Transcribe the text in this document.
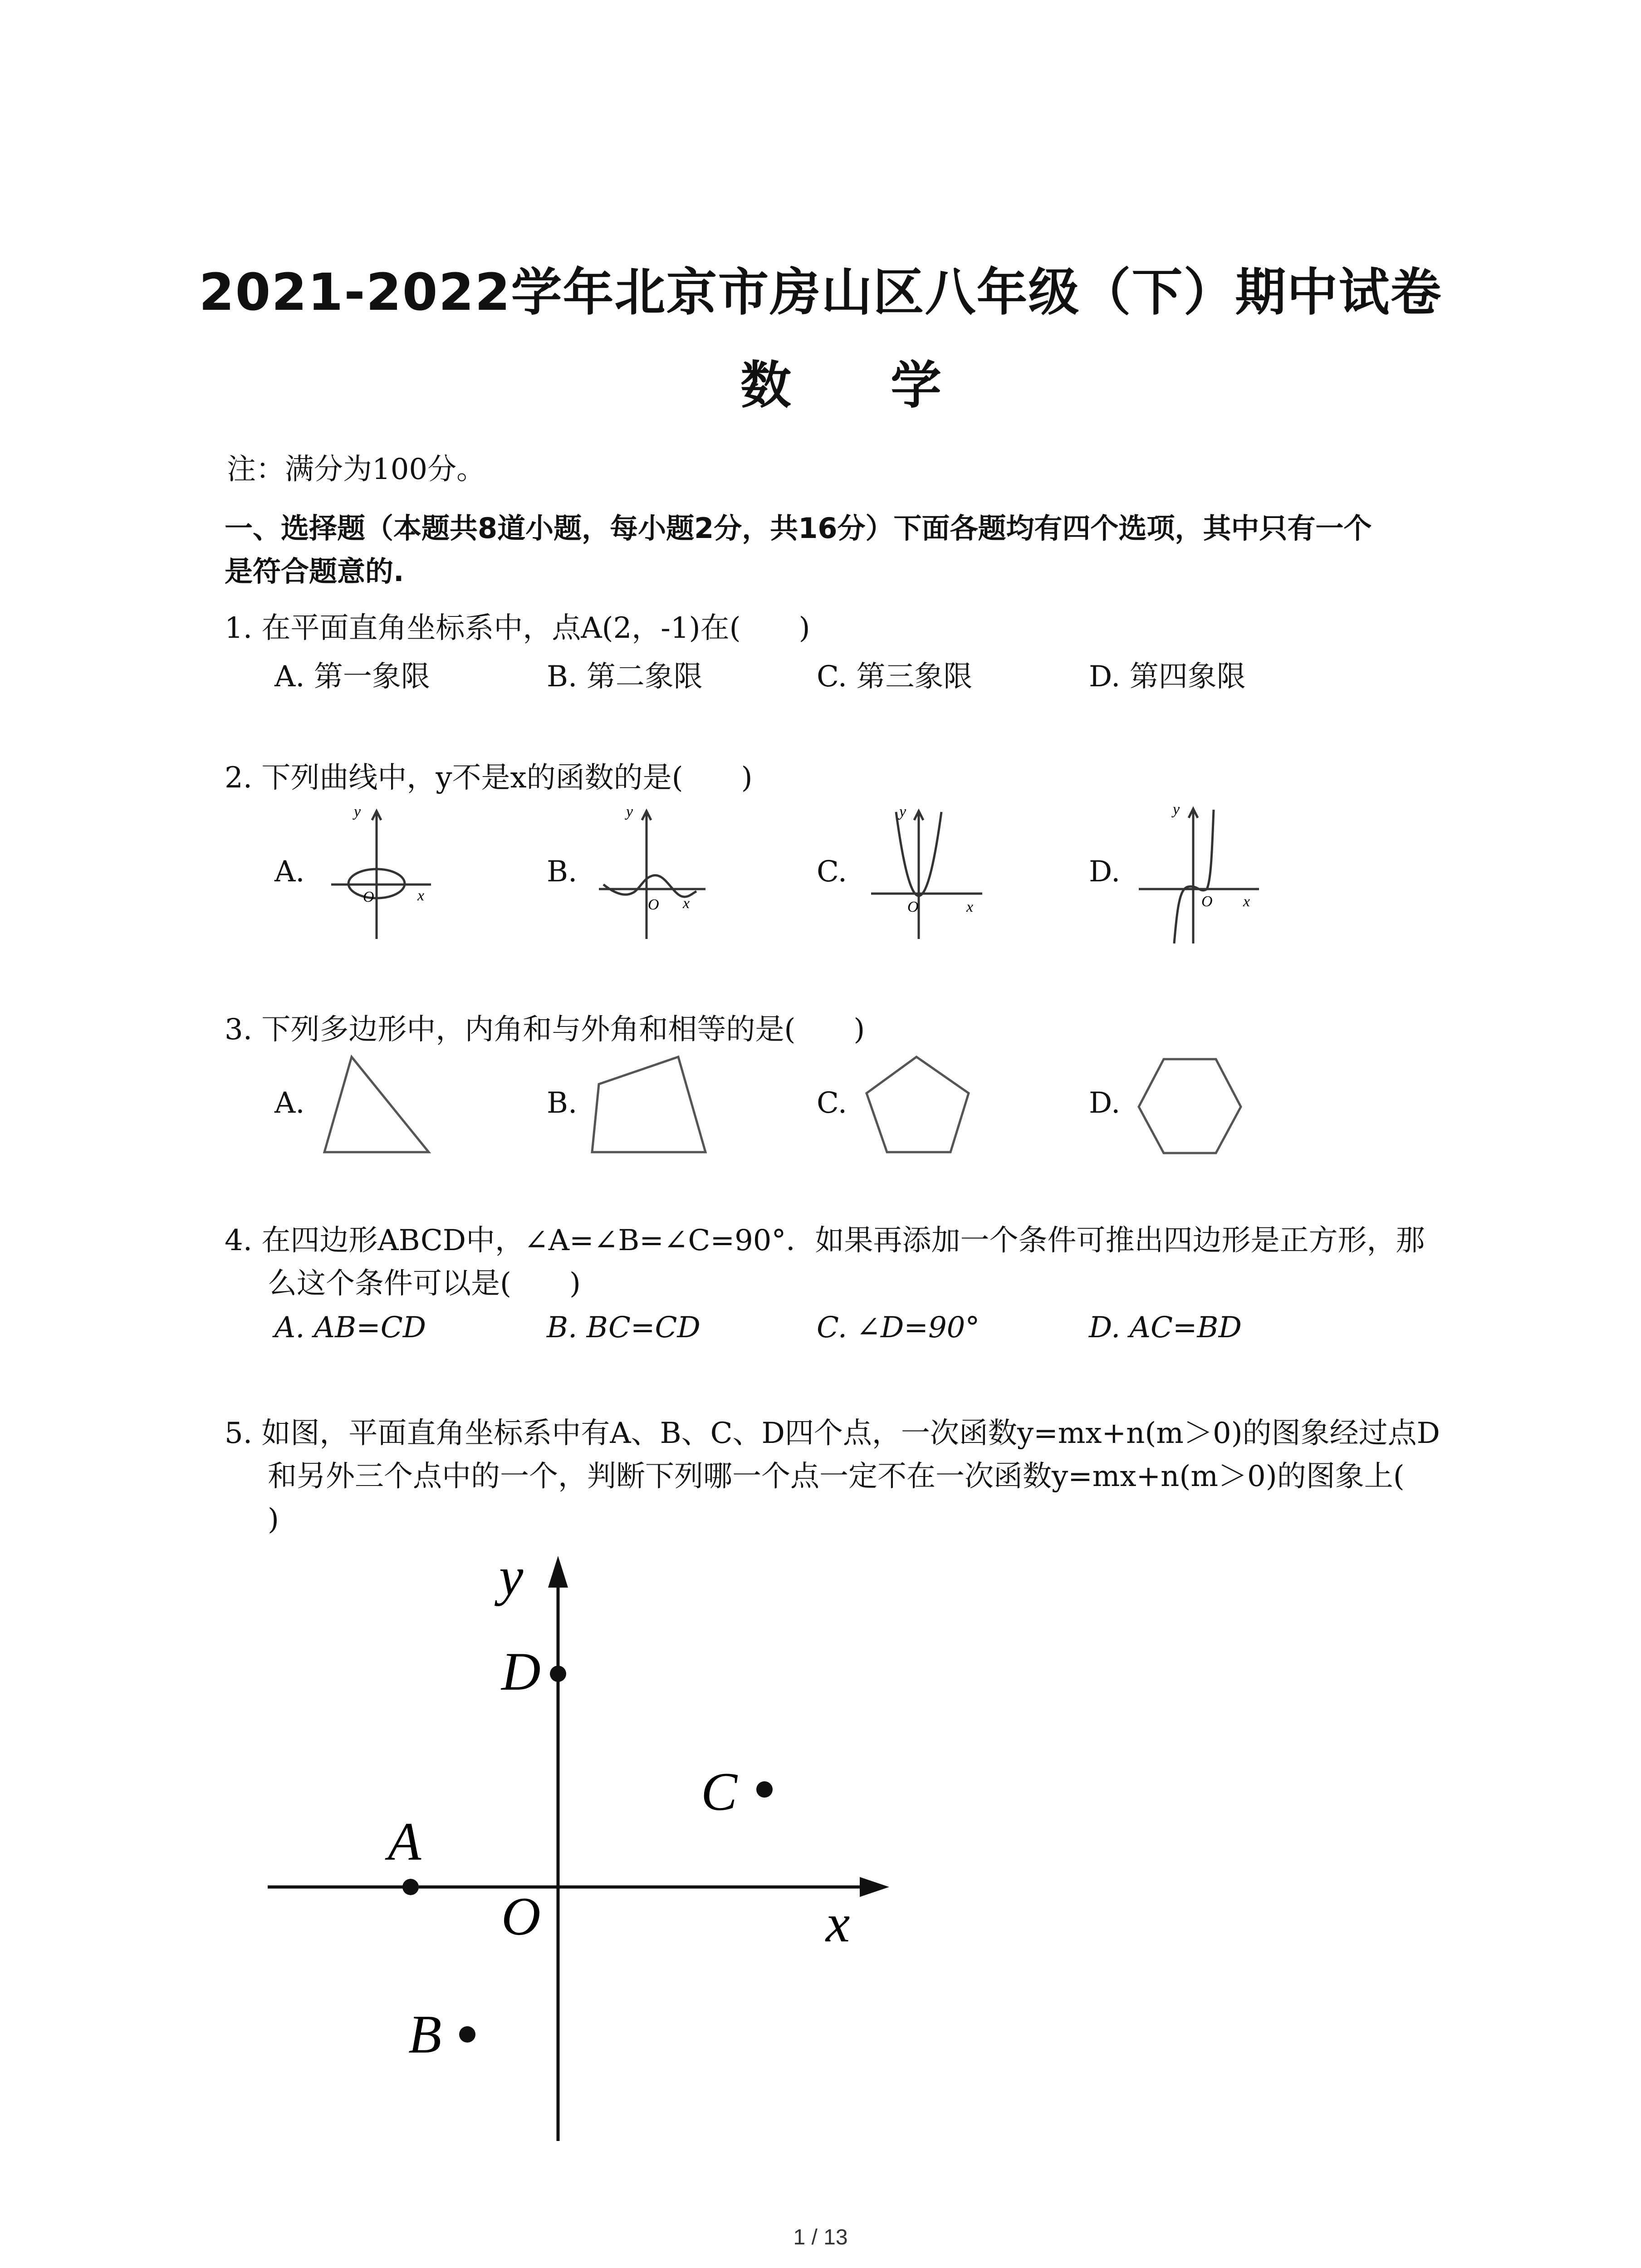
2021-2022学年北京市房山区八年级（下）期中试卷
数 学
注：满分为100分。
一、选择题（本题共8道小题，每小题2分，共16分）下面各题均有四个选项，其中只有一个
是符合题意的.
1. 在平面直角坐标系中，点A(2，-1)在(　　)
A. 第一象限	B. 第二象限	C. 第三象限	D. 第四象限
2. 下列曲线中，y不是x的函数的是(　　)
A.	B.	C.	D.
y
O	x
y
O x
y
O	x
y
O x
3. 下列多边形中，内角和与外角和相等的是(　　)
A.	B.	C.	D.
4. 在四边形ABCD中，∠A=∠B=∠C=90°．如果再添加一个条件可推出四边形是正方形，那
么这个条件可以是(　　)
A. AB=CD	B. BC=CD	C. ∠D=90°	D. AC=BD
5. 如图，平面直角坐标系中有A、B、C、D四个点，一次函数y=mx+n(m＞0)的图象经过点D
和另外三个点中的一个，判断下列哪一个点一定不在一次函数y=mx+n(m＞0)的图象上(
)
y
D
C
A
O	x
B
1 / 13
